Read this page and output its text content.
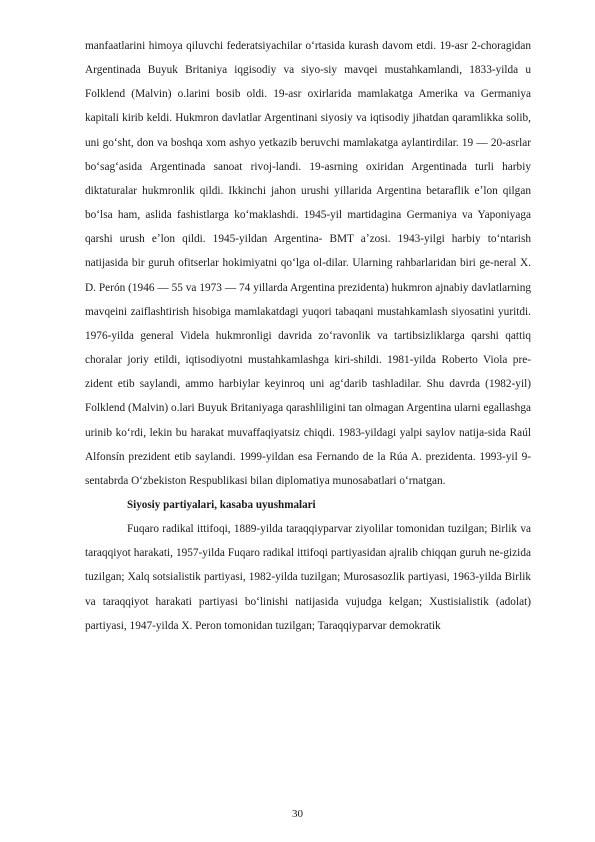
manfaatlarini himoya qiluvchi federatsiyachilar oʻrtasida kurash davom etdi. 19-asr 2-choragidan Argentinada Buyuk Britaniya iqgisodiy va siyo-siy mavqei mustahkamlandi, 1833-yilda u Folklend (Malvin) o.larini bosib oldi. 19-asr oxirlarida mamlakatga Amerika va Germaniya kapitali kirib keldi. Hukmron davlatlar Argentinani siyosiy va iqtisodiy jihatdan qaramlikka solib, uni goʻsht, don va boshqa xom ashyo yetkazib beruvchi mamlakatga aylantirdilar. 19 — 20-asrlar boʻsagʻasida Argentinada sanoat rivoj-landi. 19-asrning oxiridan Argentinada turli harbiy diktaturalar hukmronlik qildi. Ikkinchi jahon urushi yillarida Argentina betaraflik eʼlon qilgan boʻlsa ham, aslida fashistlarga koʻmaklashdi. 1945-yil martidagina Germaniya va Yaponiyaga qarshi urush eʼlon qildi. 1945-yildan Argentina- BMT aʼzosi. 1943-yilgi harbiy toʻntarish natijasida bir guruh ofitserlar hokimiyatni qoʻlga ol-dilar. Ularning rahbarlaridan biri ge-neral X. D. Perón (1946 — 55 va 1973 — 74 yillarda Argentina prezidenta) hukmron ajnabiy davlatlarning mavqeini zaiflashtirish hisobiga mamlakatdagi yuqori tabaqani mustahkamlash siyosatini yuritdi. 1976-yilda general Videla hukmronligi davrida zoʻravonlik va tartibsizliklarga qarshi qattiq choralar joriy etildi, iqtisodiyotni mustahkamlashga kiri-shildi. 1981-yilda Roberto Viola pre-zident etib saylandi, ammo harbiylar keyinroq uni agʻdarib tashladilar. Shu davrda (1982-yil) Folklend (Malvin) o.lari Buyuk Britaniyaga qarashliligini tan olmagan Argentina ularni egallashga urinib koʻrdi, lekin bu harakat muvaffaqiyatsiz chiqdi. 1983-yildagi yalpi saylov natija-sida Raúl Alfonsín prezident etib saylandi. 1999-yildan esa Fernando de la Rúa A. prezidenta. 1993-yil 9-sentabrda Oʻzbekiston Respublikasi bilan diplomatiya munosabatlari oʻrnatgan.

Siyosiy partiyalari, kasaba uyushmalari

Fuqaro radikal ittifoqi, 1889-yilda taraqqiyparvar ziyolilar tomonidan tuzilgan; Birlik va taraqqiyot harakati, 1957-yilda Fuqaro radikal ittifoqi partiyasidan ajralib chiqqan guruh ne-gizida tuzilgan; Xalq sotsialistik partiyasi, 1982-yilda tuzilgan; Murosasozlik partiyasi, 1963-yilda Birlik va taraqqiyot harakati partiyasi boʻlinishi natijasida vujudga kelgan; Xustisialistik (adolat) partiyasi, 1947-yilda X. Peron tomonidan tuzilgan; Taraqqiyparvar demokratik

30
